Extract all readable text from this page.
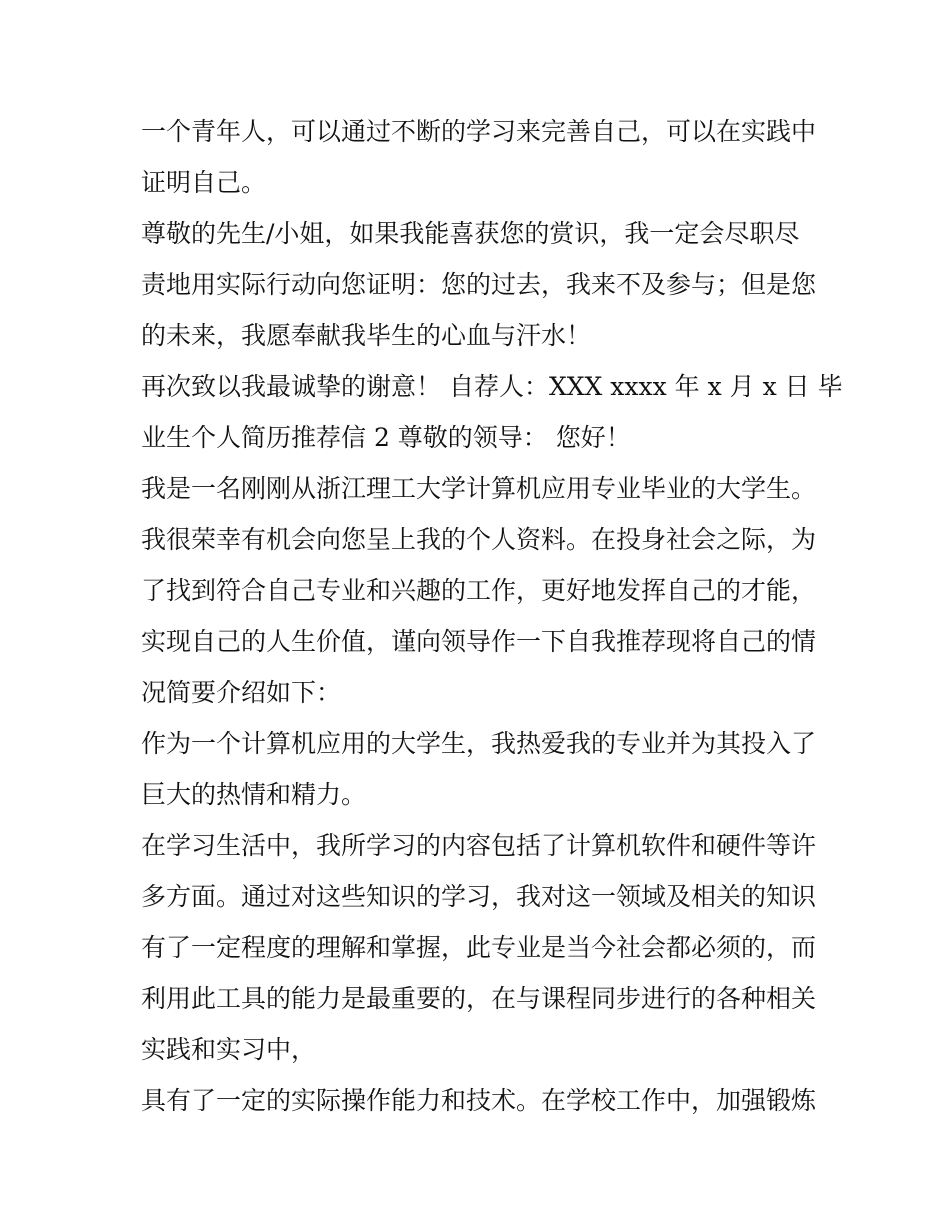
一个青年人，可以通过不断的学习来完善自己，可以在实践中
证明自己。
尊敬的先生/小姐，如果我能喜获您的赏识，我一定会尽职尽
责地用实际行动向您证明：您的过去，我来不及参与；但是您
的未来，我愿奉献我毕生的心血与汗水！
再次致以我最诚挚的谢意！ 自荐人：XXX xxxx 年 x 月 x 日 毕
业生个人简历推荐信 2 尊敬的领导： 您好！
我是一名刚刚从浙江理工大学计算机应用专业毕业的大学生。
我很荣幸有机会向您呈上我的个人资料。在投身社会之际，为
了找到符合自己专业和兴趣的工作，更好地发挥自己的才能，
实现自己的人生价值，谨向领导作一下自我推荐现将自己的情
况简要介绍如下：
作为一个计算机应用的大学生，我热爱我的专业并为其投入了
巨大的热情和精力。
在学习生活中，我所学习的内容包括了计算机软件和硬件等许
多方面。通过对这些知识的学习，我对这一领域及相关的知识
有了一定程度的理解和掌握，此专业是当今社会都必须的，而
利用此工具的能力是最重要的，在与课程同步进行的各种相关
实践和实习中，
具有了一定的实际操作能力和技术。在学校工作中，加强锻炼
